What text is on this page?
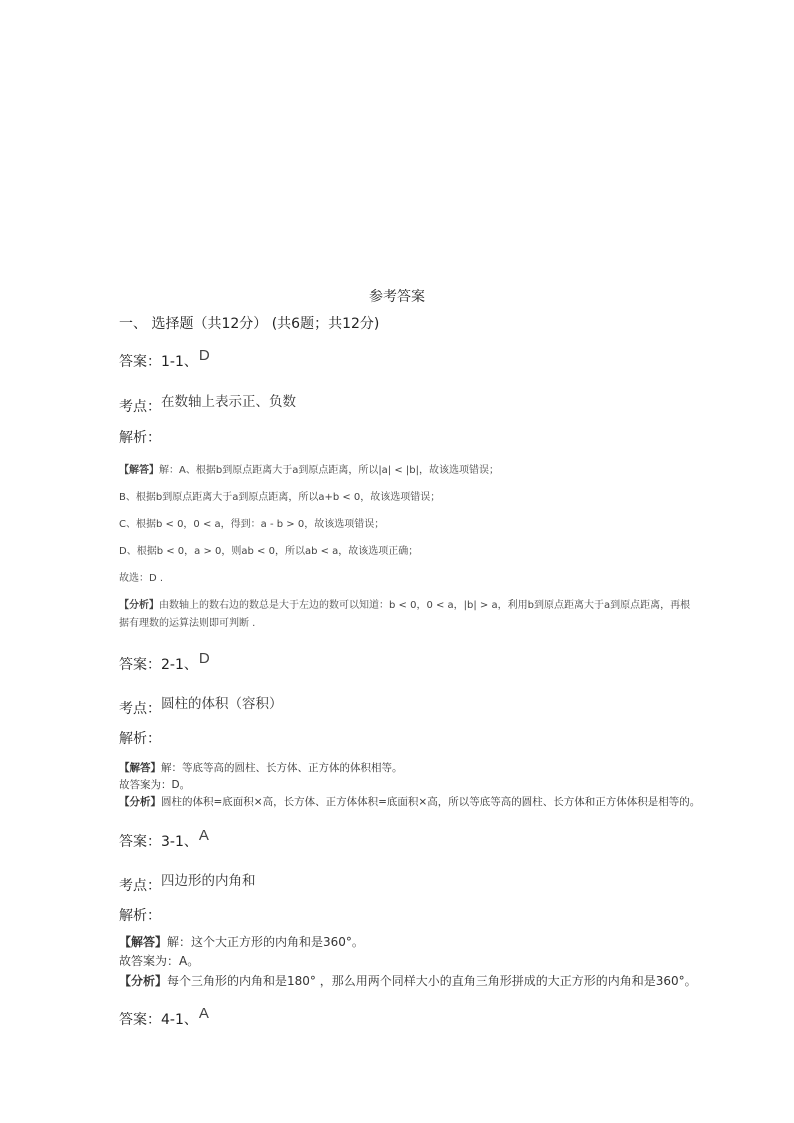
参考答案
一、 选择题（共12分） (共6题；共12分)
答案：1-1、D
考点：在数轴上表示正、负数
解析：
【解答】解：A、根据b到原点距离大于a到原点距离，所以|a| < |b|，故该选项错误；
B、根据b到原点距离大于a到原点距离，所以a+b < 0，故该选项错误；
C、根据b < 0，0 < a，得到：a - b > 0，故该选项错误；
D、根据b < 0，a > 0，则ab < 0，所以ab < a，故该选项正确；
故选：D .
【分析】由数轴上的数右边的数总是大于左边的数可以知道：b < 0，0 < a，|b| > a，利用b到原点距离大于a到原点距离，再根
据有理数的运算法则即可判断 .
答案：2-1、D
考点：圆柱的体积（容积）
解析：
【解答】解：等底等高的圆柱、长方体、正方体的体积相等。
故答案为：D。
【分析】圆柱的体积=底面积×高，长方体、正方体体积=底面积×高，所以等底等高的圆柱、长方体和正方体体积是相等的。
答案：3-1、A
考点：四边形的内角和
解析：
【解答】解：这个大正方形的内角和是360°。
故答案为：A。
【分析】每个三角形的内角和是180° ，那么用两个同样大小的直角三角形拼成的大正方形的内角和是360°。
答案：4-1、A
